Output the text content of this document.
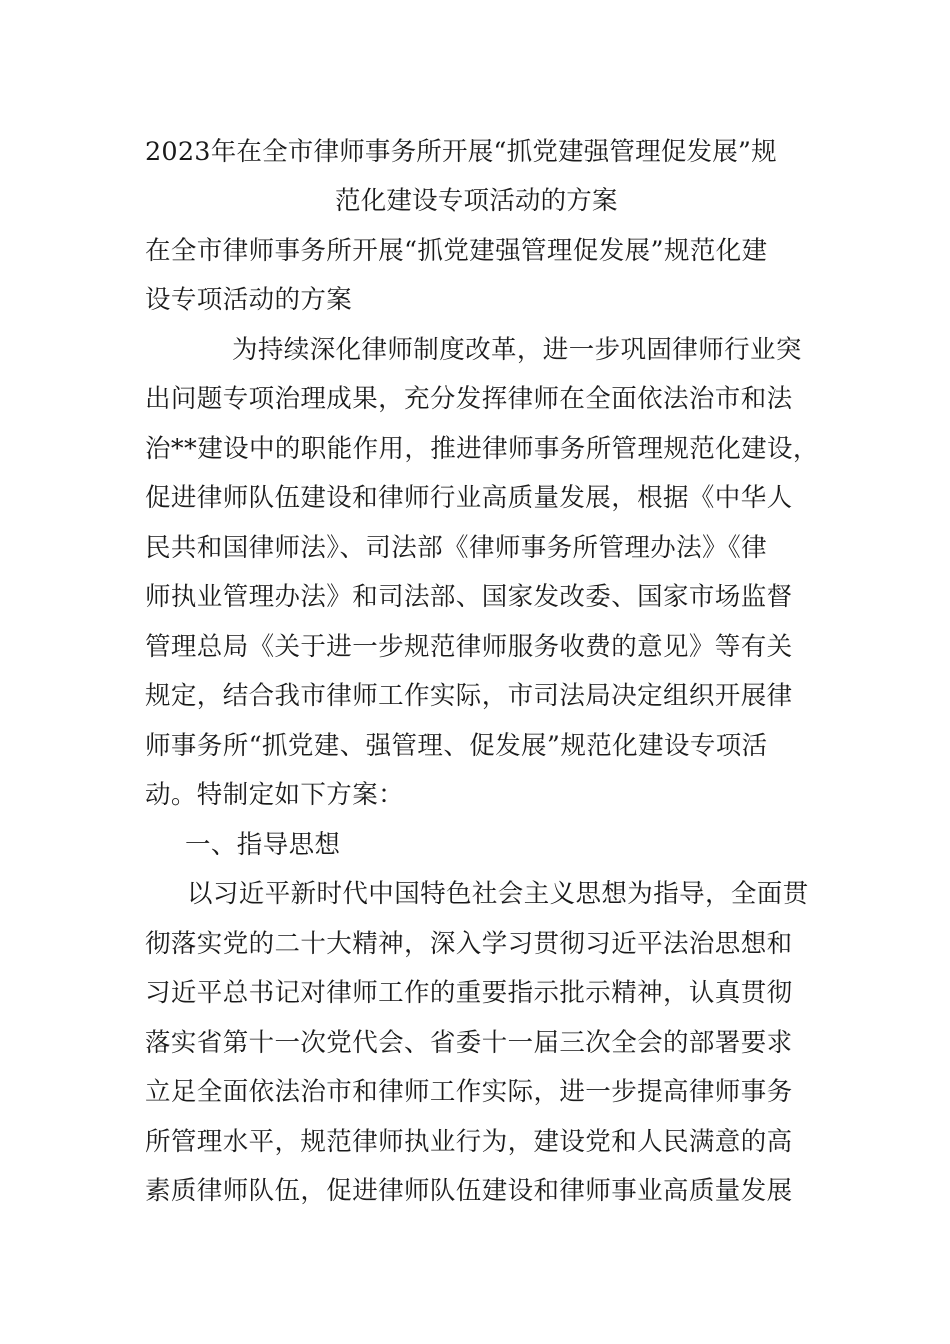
2023年在全市律师事务所开展“抓党建强管理促发展”规
范化建设专项活动的方案
在全市律师事务所开展“抓党建强管理促发展”规范化建
设专项活动的方案
为持续深化律师制度改革，进一步巩固律师行业突
出问题专项治理成果，充分发挥律师在全面依法治市和法
治**建设中的职能作用，推进律师事务所管理规范化建设，
促进律师队伍建设和律师行业高质量发展，根据《中华人
民共和国律师法》、司法部《律师事务所管理办法》《律
师执业管理办法》和司法部、国家发改委、国家市场监督
管理总局《关于进一步规范律师服务收费的意见》等有关
规定，结合我市律师工作实际，市司法局决定组织开展律
师事务所“抓党建、强管理、促发展”规范化建设专项活
动。特制定如下方案：
一、指导思想
以习近平新时代中国特色社会主义思想为指导，全面贯
彻落实党的二十大精神，深入学习贯彻习近平法治思想和
习近平总书记对律师工作的重要指示批示精神，认真贯彻
落实省第十一次党代会、省委十一届三次全会的部署要求
立足全面依法治市和律师工作实际，进一步提高律师事务
所管理水平，规范律师执业行为，建设党和人民满意的高
素质律师队伍，促进律师队伍建设和律师事业高质量发展
